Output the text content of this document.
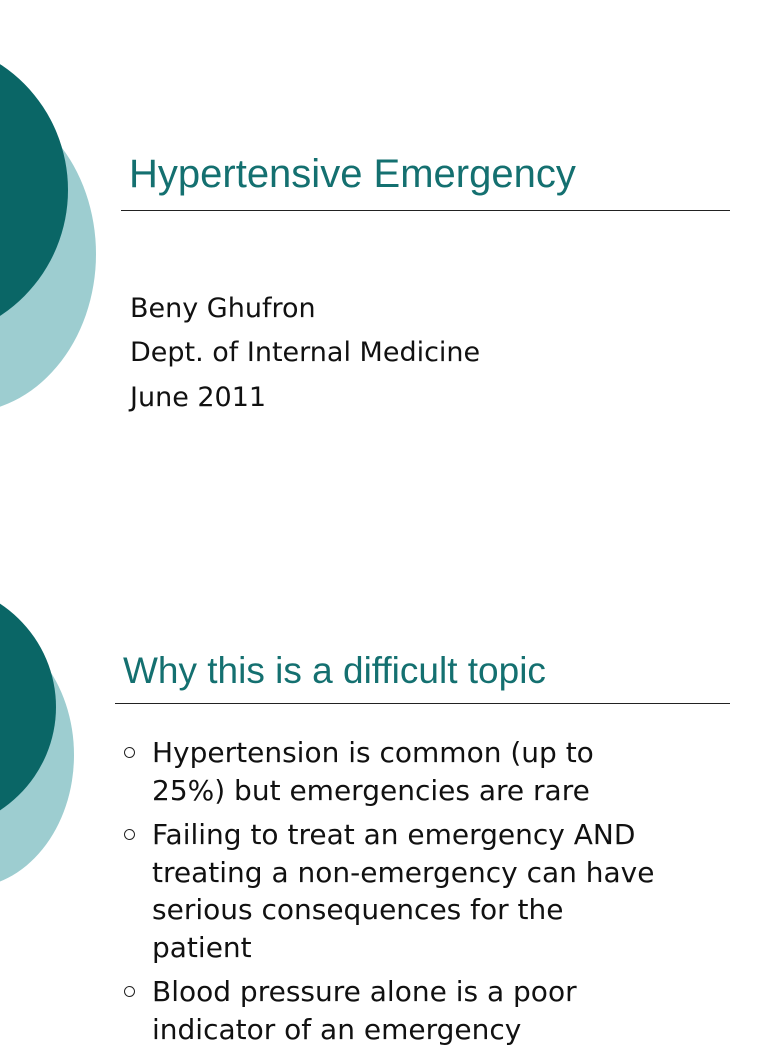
Hypertensive Emergency
Beny Ghufron
Dept. of Internal Medicine
June 2011
Why this is a difficult topic
Hypertension is common (up to
25%) but emergencies are rare
Failing to treat an emergency AND
treating a non-emergency can have
serious consequences for the
patient
Blood pressure alone is a poor
indicator of an emergency
